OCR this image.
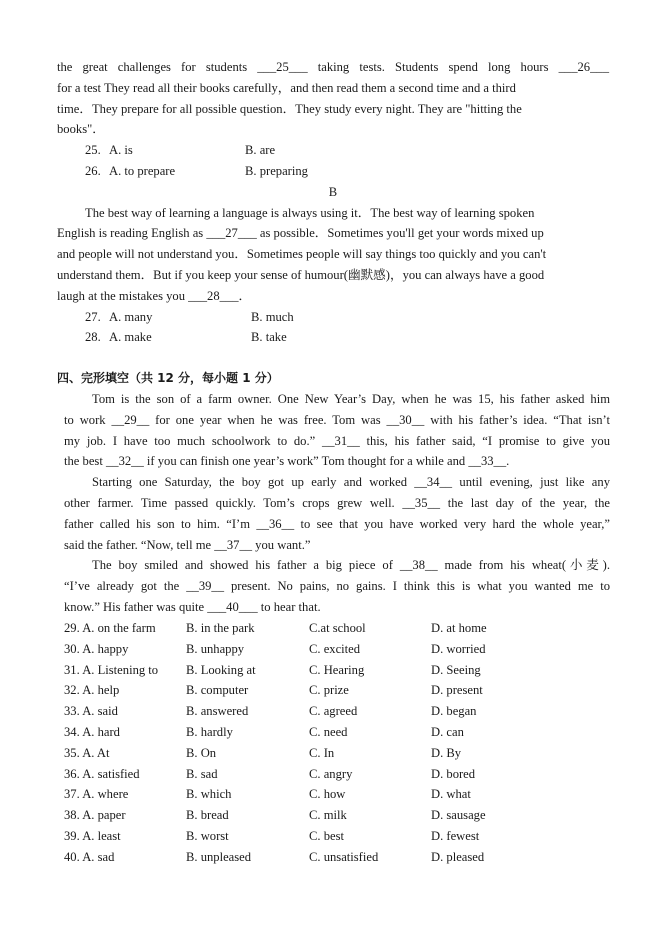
the great challenges for students ___25___ taking tests. Students spend long hours ___26___
for a test They read all their books carefully，and then read them a second time and a third
time．They prepare for all possible question．They study every night. They are "hitting the
books"．
25. A. is	B. are
26. A. to prepare	B. preparing
B
The best way of learning a language is always using it．The best way of learning spoken
English is reading English as ___27___ as possible．Sometimes you'll get your words mixed up
and people will not understand you．Sometimes people will say things too quickly and you can't
understand them．But if you keep your sense of humour(幽默感)，you can always have a good
laugh at the mistakes you ___28___．
27. A. many	B. much
28. A. make	B. take
四、完形填空（共 12 分，每小题 1 分）
Tom is the son of a farm owner. One New Year’s Day, when he was 15, his father asked him
to work __29__ for one year when he was free. Tom was __30__ with his father’s idea. “That isn’t
my job. I have too much schoolwork to do.” __31__ this, his father said, “I promise to give you
the best __32__ if you can finish one year’s work” Tom thought for a while and __33__.
Starting one Saturday, the boy got up early and worked __34__ until evening, just like any
other farmer. Time passed quickly. Tom’s crops grew well. __35__ the last day of the year, the
father called his son to him. “I’m __36__ to see that you have worked very hard the whole year,”
said the father. “Now, tell me __37__ you want.”
The boy smiled and showed his father a big piece of __38__ made from his wheat(小麦).
“I’ve already got the __39__ present. No pains, no gains. I think this is what you wanted me to
know.” His father was quite ___40___ to hear that.
29. A. on the farm B. in the park	C.at school	D. at home
30. A. happy	B. unhappy	C. excited	D. worried
31. A. Listening to B. Looking at	C. Hearing	D. Seeing
32. A. help	B. computer	C. prize	D. present
33. A. said	B. answered	C. agreed	D. began
34. A. hard	B. hardly	C. need	D. can
35. A. At	B. On	C. In	D. By
36. A. satisfied	B. sad	C. angry	D. bored
37. A. where	B. which	C. how	D. what
38. A. paper	B. bread	C. milk	D. sausage
39. A. least	B. worst	C. best	D. fewest
40. A. sad	B. unpleased	C. unsatisfied	D. pleased
